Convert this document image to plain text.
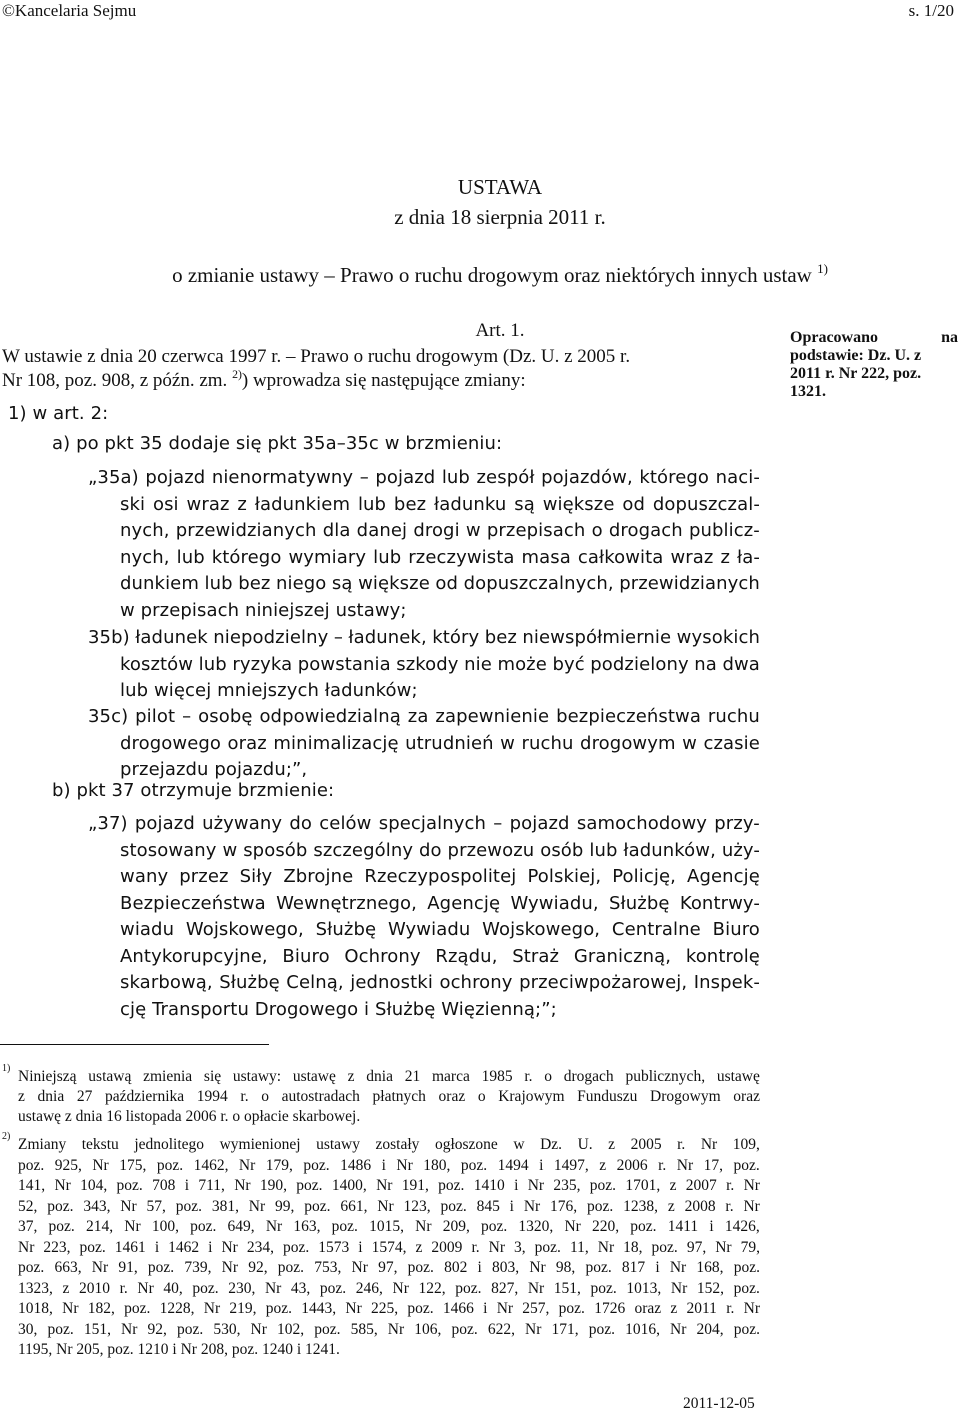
©Kancelaria Sejmu	s. 1/20
USTAWA
z dnia 18 sierpnia 2011 r.
o zmianie ustawy – Prawo o ruchu drogowym oraz niektórych innych ustaw $^{1)}$
Art. 1.
W ustawie z dnia 20 czerwca 1997 r. – Prawo o ruchu drogowym (Dz. U. z 2005 r.
Nr 108, poz. 908, z późn. zm. $^{2)}$) wprowadza się następujące zmiany:
1) w art. 2:
a) po pkt 35 dodaje się pkt 35a–35c w brzmieniu:
„35a) pojazd nienormatywny – pojazd lub zespół pojazdów, którego naci-
ski osi wraz z ładunkiem lub bez ładunku są większe od dopuszczal-
nych, przewidzianych dla danej drogi w przepisach o drogach publicz-
nych, lub którego wymiary lub rzeczywista masa całkowita wraz z ła-
dunkiem lub bez niego są większe od dopuszczalnych, przewidzianych
w przepisach niniejszej ustawy;
35b) ładunek niepodzielny – ładunek, który bez niewspółmiernie wysokich
kosztów lub ryzyka powstania szkody nie może być podzielony na dwa
lub więcej mniejszych ładunków;
35c) pilot – osobę odpowiedzialną za zapewnienie bezpieczeństwa ruchu
drogowego oraz minimalizację utrudnień w ruchu drogowym w czasie
przejazdu pojazdu;”,
b) pkt 37 otrzymuje brzmienie:
„37) pojazd używany do celów specjalnych – pojazd samochodowy przy-
stosowany w sposób szczególny do przewozu osób lub ładunków, uży-
wany przez Siły Zbrojne Rzeczypospolitej Polskiej, Policję, Agencję
Bezpieczeństwa Wewnętrznego, Agencję Wywiadu, Służbę Kontrwy-
wiadu Wojskowego, Służbę Wywiadu Wojskowego, Centralne Biuro
Antykorupcyjne, Biuro Ochrony Rządu, Straż Graniczną, kontrolę
skarbową, Służbę Celną, jednostki ochrony przeciwpożarowej, Inspek-
cję Transportu Drogowego i Służbę Więzienną;”;
Opracowano	na
podstawie: Dz. U. z
2011 r. Nr 222, poz.
1321.
1) Niniejszą ustawą zmienia się ustawy: ustawę z dnia 21 marca 1985 r. o drogach publicznych, ustawę
z dnia 27 października 1994 r. o autostradach płatnych oraz o Krajowym Funduszu Drogowym oraz
ustawę z dnia 16 listopada 2006 r. o opłacie skarbowej.
2) Zmiany tekstu jednolitego wymienionej ustawy zostały ogłoszone w Dz. U. z 2005 r. Nr 109,
poz. 925, Nr 175, poz. 1462, Nr 179, poz. 1486 i Nr 180, poz. 1494 i 1497, z 2006 r. Nr 17, poz.
141, Nr 104, poz. 708 i 711, Nr 190, poz. 1400, Nr 191, poz. 1410 i Nr 235, poz. 1701, z 2007 r. Nr
52, poz. 343, Nr 57, poz. 381, Nr 99, poz. 661, Nr 123, poz. 845 i Nr 176, poz. 1238, z 2008 r. Nr
37, poz. 214, Nr 100, poz. 649, Nr 163, poz. 1015, Nr 209, poz. 1320, Nr 220, poz. 1411 i 1426,
Nr 223, poz. 1461 i 1462 i Nr 234, poz. 1573 i 1574, z 2009 r. Nr 3, poz. 11, Nr 18, poz. 97, Nr 79,
poz. 663, Nr 91, poz. 739, Nr 92, poz. 753, Nr 97, poz. 802 i 803, Nr 98, poz. 817 i Nr 168, poz.
1323, z 2010 r. Nr 40, poz. 230, Nr 43, poz. 246, Nr 122, poz. 827, Nr 151, poz. 1013, Nr 152, poz.
1018, Nr 182, poz. 1228, Nr 219, poz. 1443, Nr 225, poz. 1466 i Nr 257, poz. 1726 oraz z 2011 r. Nr
30, poz. 151, Nr 92, poz. 530, Nr 102, poz. 585, Nr 106, poz. 622, Nr 171, poz. 1016, Nr 204, poz.
1195, Nr 205, poz. 1210 i Nr 208, poz. 1240 i 1241.
2011-12-05
